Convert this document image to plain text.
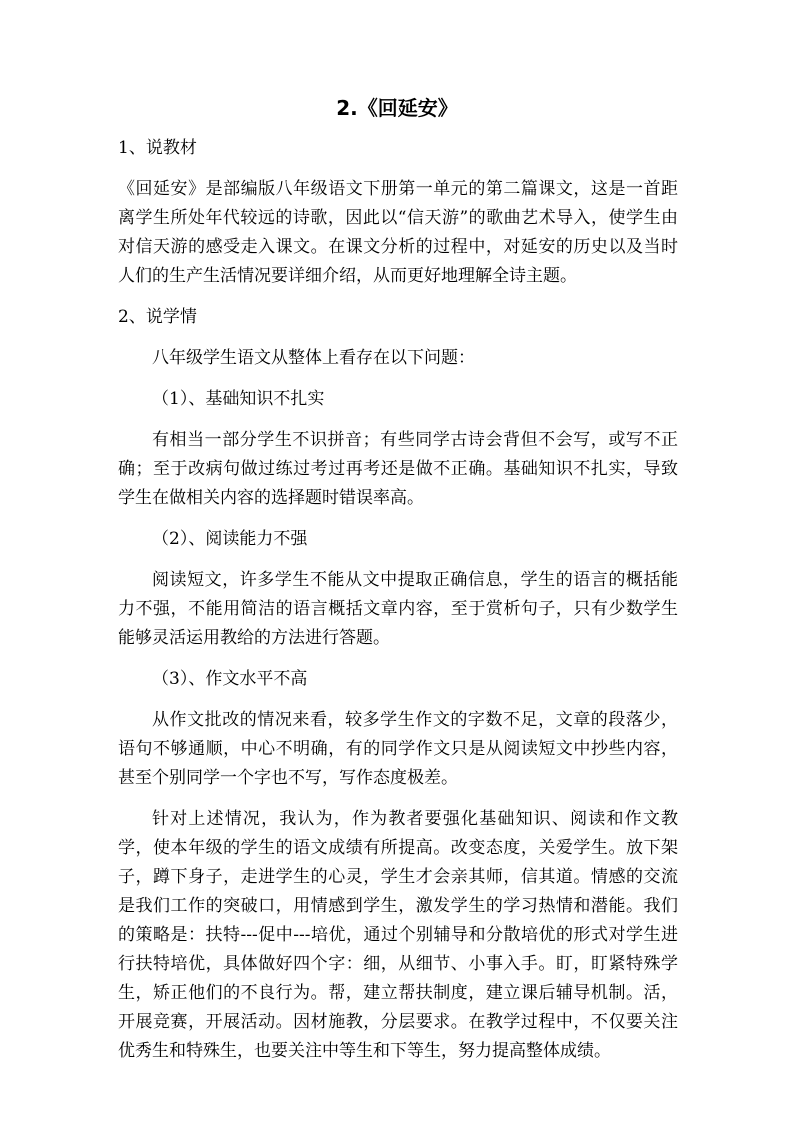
2.《回延安》

1、说教材

《回延安》是部编版八年级语文下册第一单元的第二篇课文，这是一首距离学生所处年代较远的诗歌，因此以“信天游”的歌曲艺术导入，使学生由对信天游的感受走入课文。在课文分析的过程中，对延安的历史以及当时人们的生产生活情况要详细介绍，从而更好地理解全诗主题。

2、说学情

八年级学生语文从整体上看存在以下问题：

（1）、基础知识不扎实

有相当一部分学生不识拼音；有些同学古诗会背但不会写，或写不正确；至于改病句做过练过考过再考还是做不正确。基础知识不扎实，导致学生在做相关内容的选择题时错误率高。

（2）、阅读能力不强

阅读短文，许多学生不能从文中提取正确信息，学生的语言的概括能力不强，不能用简洁的语言概括文章内容，至于赏析句子，只有少数学生能够灵活运用教给的方法进行答题。

（3）、作文水平不高

从作文批改的情况来看，较多学生作文的字数不足，文章的段落少，语句不够通顺，中心不明确，有的同学作文只是从阅读短文中抄些内容，甚至个别同学一个字也不写，写作态度极差。

针对上述情况，我认为，作为教者要强化基础知识、阅读和作文教学，使本年级的学生的语文成绩有所提高。改变态度，关爱学生。放下架子，蹲下身子，走进学生的心灵，学生才会亲其师，信其道。情感的交流是我们工作的突破口，用情感到学生，激发学生的学习热情和潜能。我们的策略是：扶特---促中---培优，通过个别辅导和分散培优的形式对学生进行扶特培优，具体做好四个字：细，从细节、小事入手。盯，盯紧特殊学生，矫正他们的不良行为。帮，建立帮扶制度，建立课后辅导机制。活，开展竞赛，开展活动。因材施教，分层要求。在教学过程中，不仅要关注优秀生和特殊生，也要关注中等生和下等生，努力提高整体成绩。
